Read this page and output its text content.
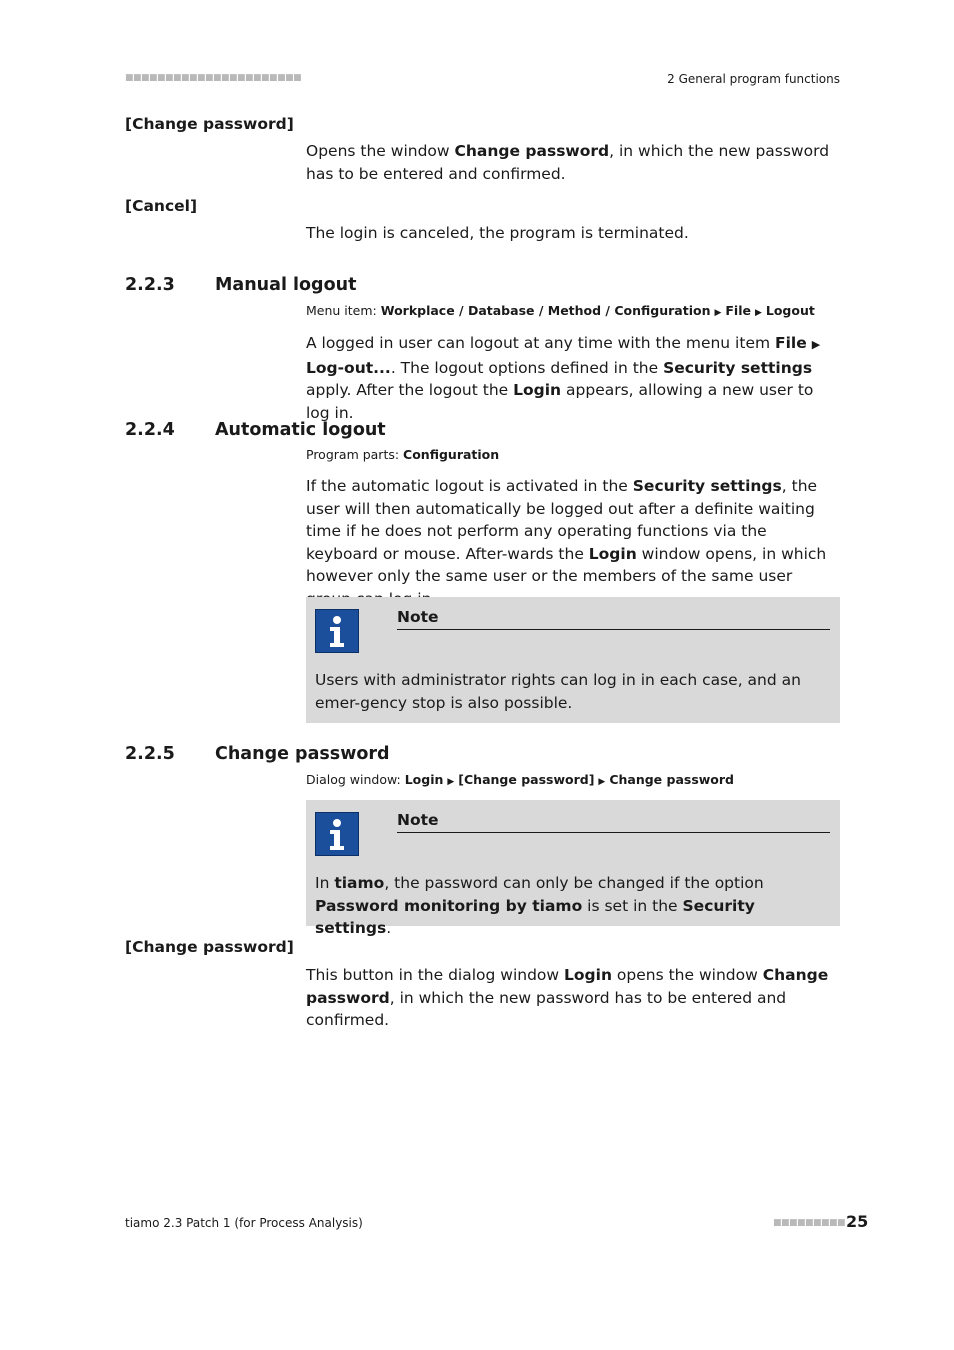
■■■■■■■■■■■■■■■■■■■■■■	2 General program functions
[Change password]
Opens the window Change password, in which the new password has to be entered and confirmed.
[Cancel]
The login is canceled, the program is terminated.
2.2.3 Manual logout
Menu item: Workplace / Database / Method / Configuration ▶ File ▶ Logout
A logged in user can logout at any time with the menu item File ▶ Log-out.... The logout options defined in the Security settings apply. After the logout the Login appears, allowing a new user to log in.
2.2.4 Automatic logout
Program parts: Configuration
If the automatic logout is activated in the Security settings, the user will then automatically be logged out after a definite waiting time if he does not perform any operating functions via the keyboard or mouse. After-wards the Login window opens, in which however only the same user or the members of the same user
Note
Users with administrator rights can log in in each case, and an emer-gency stop is also possible.
2.2.5 Change password
Dialog window: Login ▶ [Change password] ▶ Change password
Note
In tiamo, the password can only be changed if the option Password monitoring by tiamo is set in the Security settings.
[Change password]
This button in the dialog window Login opens the window Change password, in which the new password has to be entered and confirmed.
tiamo 2.3 Patch 1 (for Process Analysis)	■■■■■■■■■ 25
